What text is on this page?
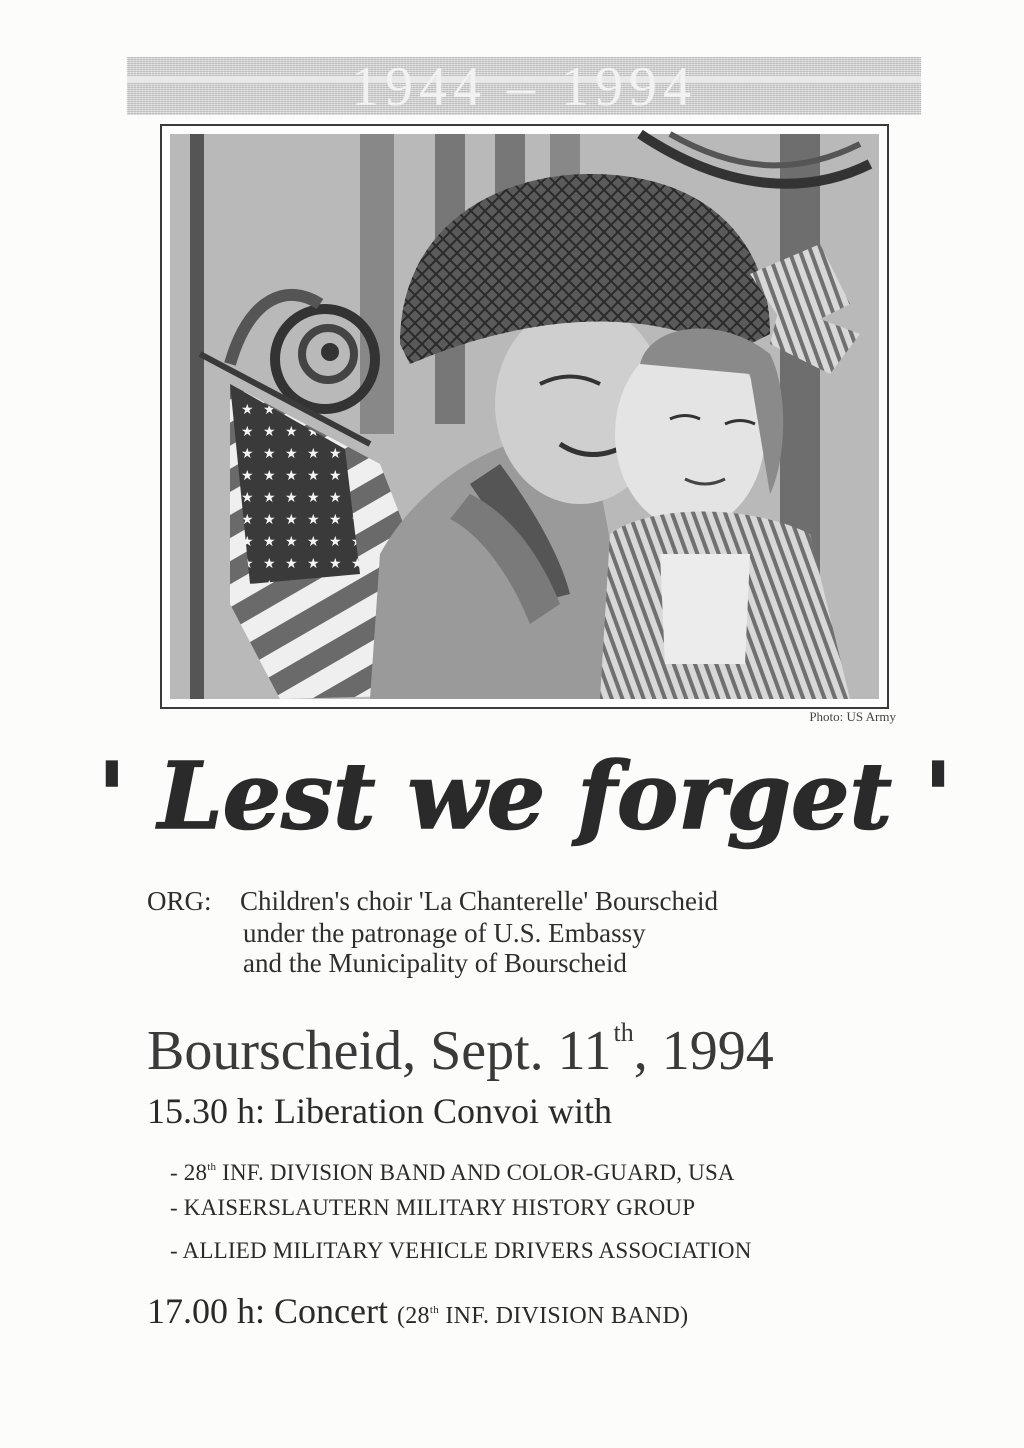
1944 – 1994
Photo: US Army
' Lest we forget '
ORG: Children's choir 'La Chanterelle' Bourscheid
under the patronage of U.S. Embassy
and the Municipality of Bourscheid
Bourscheid, Sept. 11th, 1994
15.30 h: Liberation Convoi with
- 28th INF. DIVISION BAND AND COLOR-GUARD, USA
- KAISERSLAUTERN MILITARY HISTORY GROUP
- ALLIED MILITARY VEHICLE DRIVERS ASSOCIATION
17.00 h: Concert (28th INF. DIVISION BAND)
